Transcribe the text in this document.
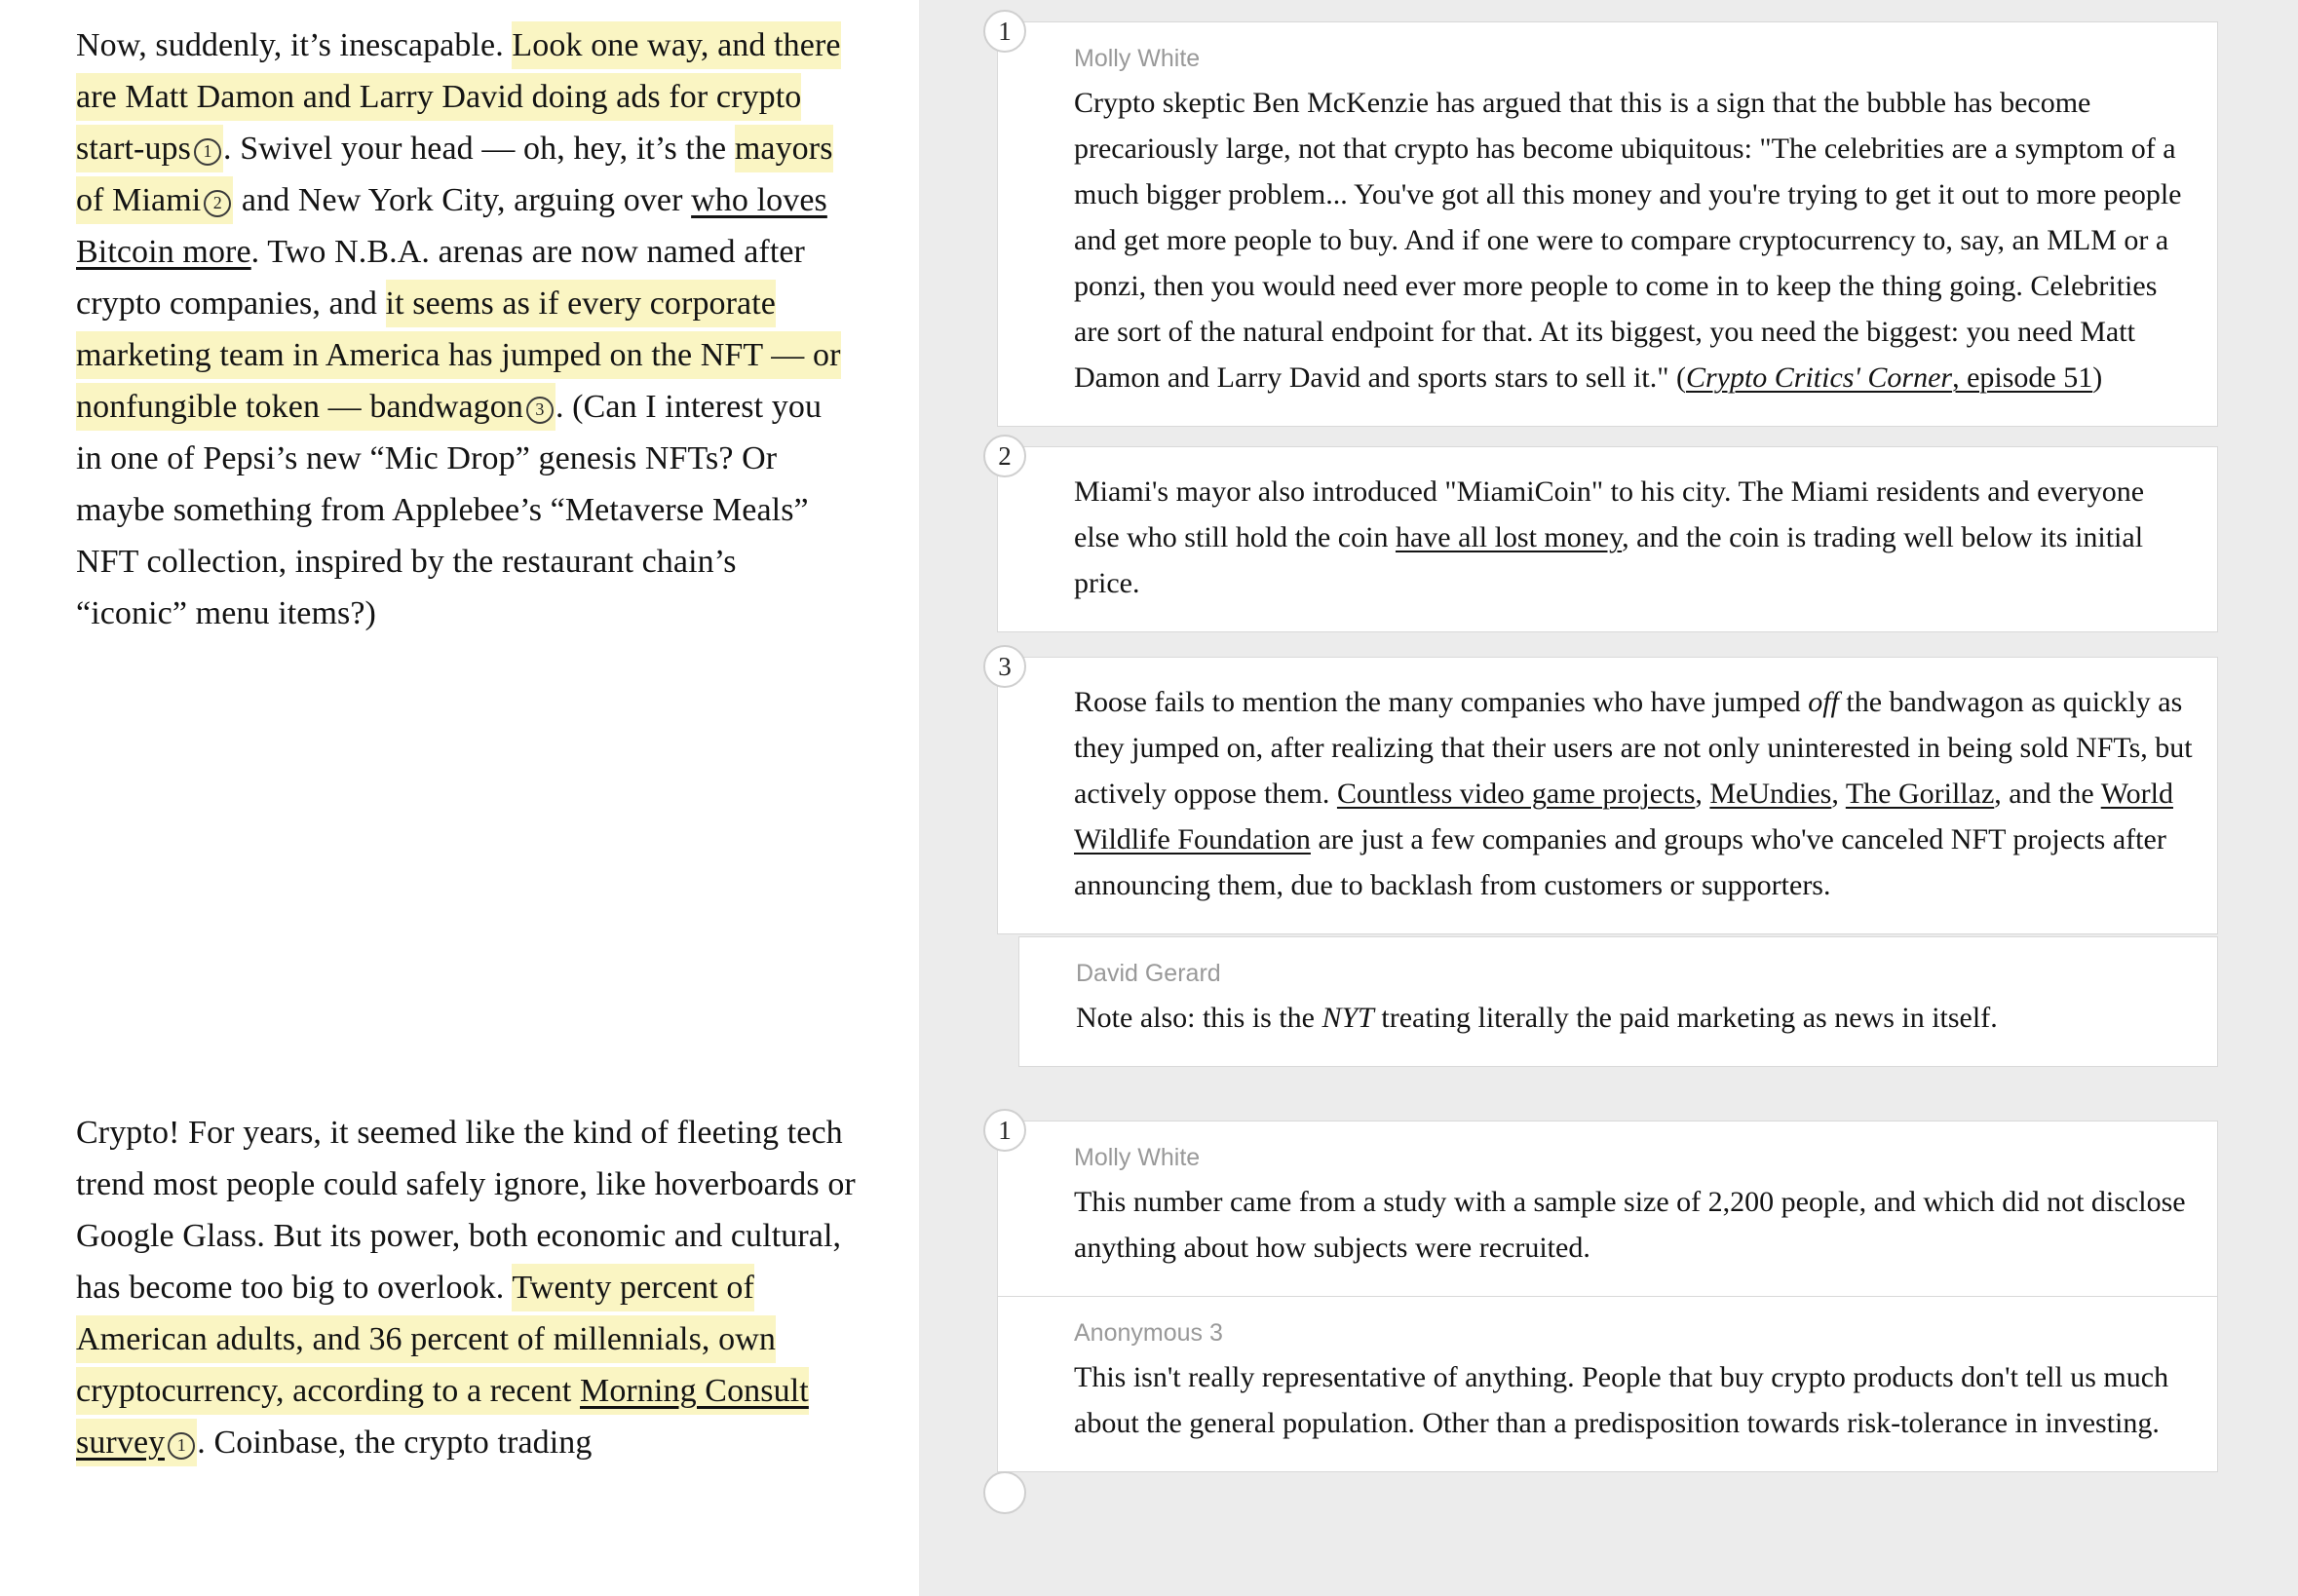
Now, suddenly, it’s inescapable. Look one way, and there are Matt Damon and Larry David doing ads for crypto start-ups 1 . Swivel your head — oh, hey, it’s the mayors of Miami 2 and New York City, arguing over who loves Bitcoin more. Two N.B.A. arenas are now named after crypto companies, and it seems as if every corporate marketing team in America has jumped on the NFT — or nonfungible token — bandwagon 3 . (Can I interest you in one of Pepsi’s new “Mic Drop” genesis NFTs? Or maybe something from Applebee’s “Metaverse Meals” NFT collection, inspired by the restaurant chain’s “iconic” menu items?)

Crypto! For years, it seemed like the kind of fleeting tech trend most people could safely ignore, like hoverboards or Google Glass. But its power, both economic and cultural, has become too big to overlook. Twenty percent of American adults, and 36 percent of millennials, own cryptocurrency, according to a recent Morning Consult survey 1 . Coinbase, the crypto trading

1
Molly White
Crypto skeptic Ben McKenzie has argued that this is a sign that the bubble has become precariously large, not that crypto has become ubiquitous: "The celebrities are a symptom of a much bigger problem... You've got all this money and you're trying to get it out to more people and get more people to buy. And if one were to compare cryptocurrency to, say, an MLM or a ponzi, then you would need ever more people to come in to keep the thing going. Celebrities are sort of the natural endpoint for that. At its biggest, you need the biggest: you need Matt Damon and Larry David and sports stars to sell it." (Crypto Critics' Corner, episode 51)
2
Miami's mayor also introduced "MiamiCoin" to his city. The Miami residents and everyone else who still hold the coin have all lost money, and the coin is trading well below its initial price.
3
Roose fails to mention the many companies who have jumped off the bandwagon as quickly as they jumped on, after realizing that their users are not only uninterested in being sold NFTs, but actively oppose them. Countless video game projects, MeUndies, The Gorillaz, and the World Wildlife Foundation are just a few companies and groups who've canceled NFT projects after announcing them, due to backlash from customers or supporters.
David Gerard
Note also: this is the NYT treating literally the paid marketing as news in itself.
1
Molly White
This number came from a study with a sample size of 2,200 people, and which did not disclose anything about how subjects were recruited.
Anonymous 3
This isn't really representative of anything. People that buy crypto products don't tell us much about the general population. Other than a predisposition towards risk-tolerance in investing.
